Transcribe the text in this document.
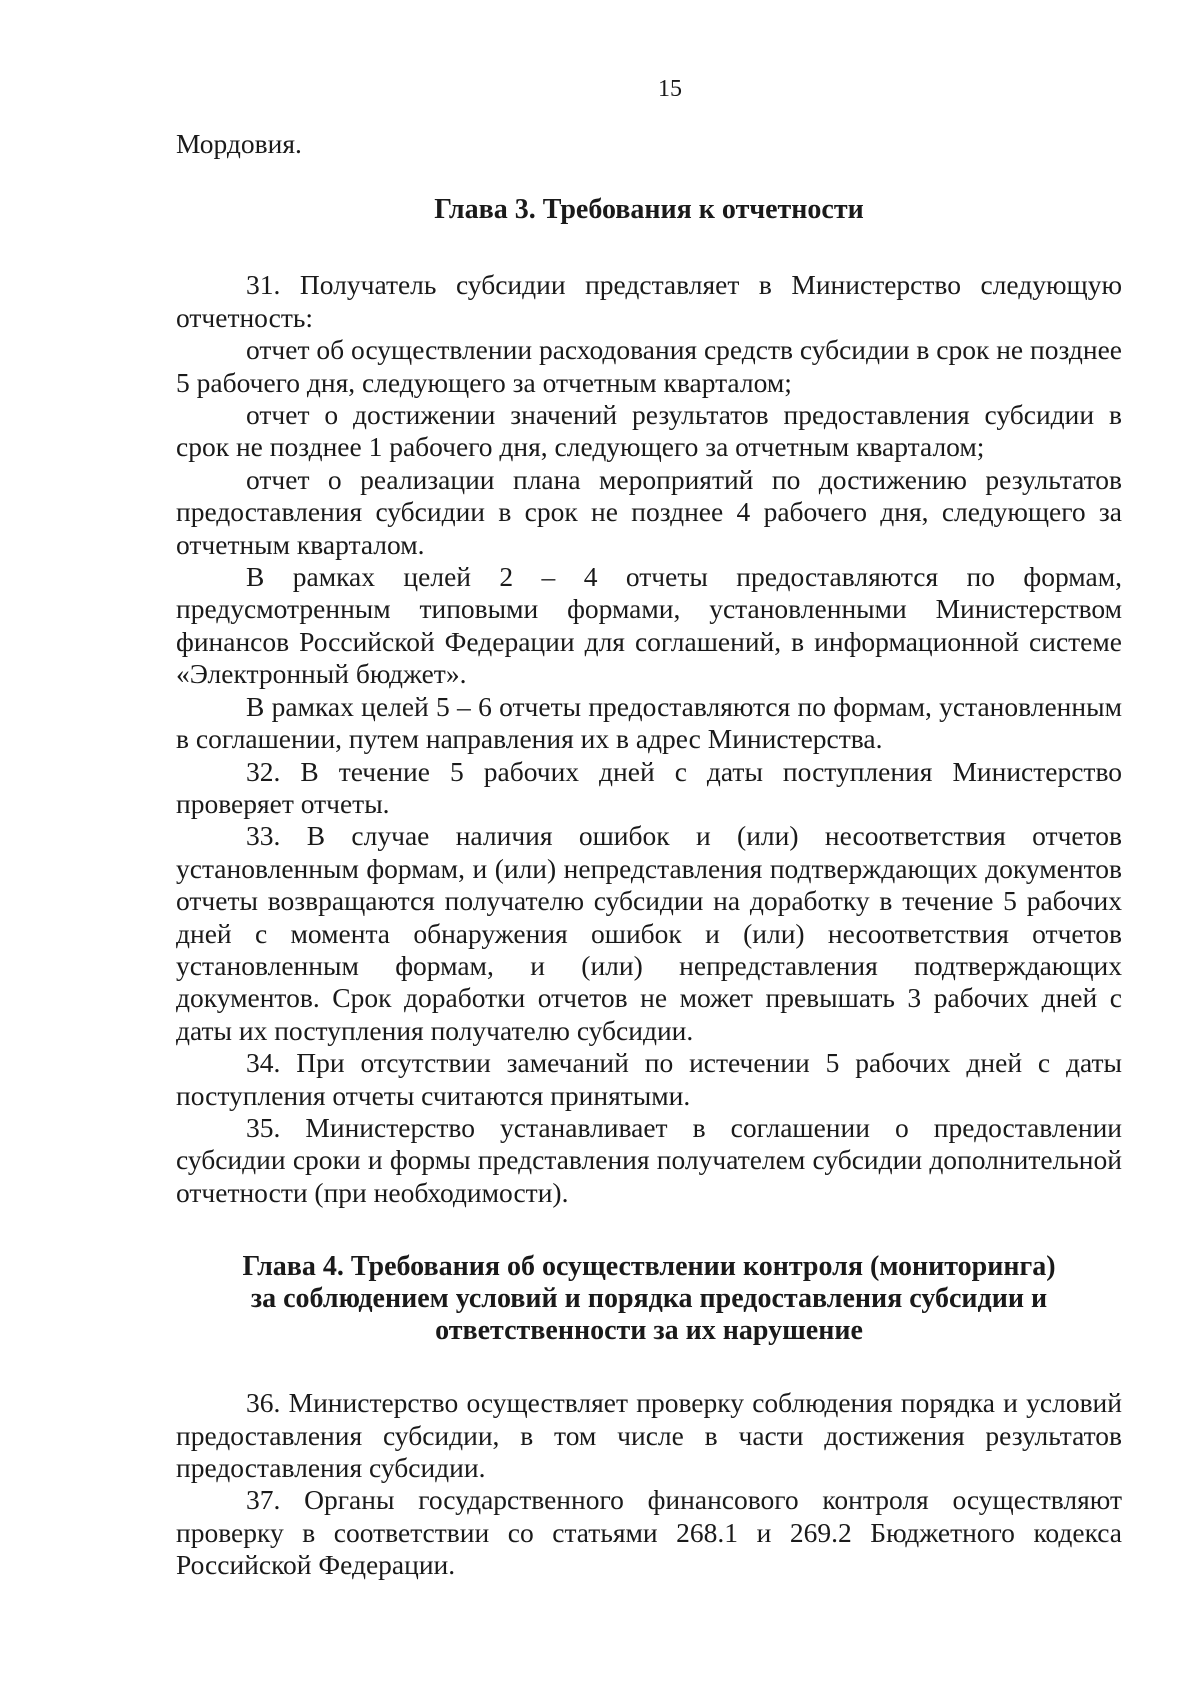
15

Мордовия.

Глава 3. Требования к отчетности

31. Получатель субсидии представляет в Министерство следующую отчетность:

отчет об осуществлении расходования средств субсидии в срок не позднее 5 рабочего дня, следующего за отчетным кварталом;

отчет о достижении значений результатов предоставления субсидии в срок не позднее 1 рабочего дня, следующего за отчетным кварталом;

отчет о реализации плана мероприятий по достижению результатов предоставления субсидии в срок не позднее 4 рабочего дня, следующего за отчетным кварталом.

В рамках целей 2 – 4 отчеты предоставляются по формам, предусмотренным типовыми формами, установленными Министерством финансов Российской Федерации для соглашений, в информационной системе «Электронный бюджет».

В рамках целей 5 – 6 отчеты предоставляются по формам, установленным в соглашении, путем направления их в адрес Министерства.

32. В течение 5 рабочих дней с даты поступления Министерство проверяет отчеты.

33. В случае наличия ошибок и (или) несоответствия отчетов установленным формам, и (или) непредставления подтверждающих документов отчеты возвращаются получателю субсидии на доработку в течение 5 рабочих дней с момента обнаружения ошибок и (или) несоответствия отчетов установленным формам, и (или) непредставления подтверждающих документов. Срок доработки отчетов не может превышать 3 рабочих дней с даты их поступления получателю субсидии.

34. При отсутствии замечаний по истечении 5 рабочих дней с даты поступления отчеты считаются принятыми.

35. Министерство устанавливает в соглашении о предоставлении субсидии сроки и формы представления получателем субсидии дополнительной отчетности (при необходимости).

Глава 4. Требования об осуществлении контроля (мониторинга)
за соблюдением условий и порядка предоставления субсидии и
ответственности за их нарушение

36. Министерство осуществляет проверку соблюдения порядка и условий предоставления субсидии, в том числе в части достижения результатов предоставления субсидии.

37. Органы государственного финансового контроля осуществляют проверку в соответствии со статьями 268.1 и 269.2 Бюджетного кодекса Российской Федерации.
